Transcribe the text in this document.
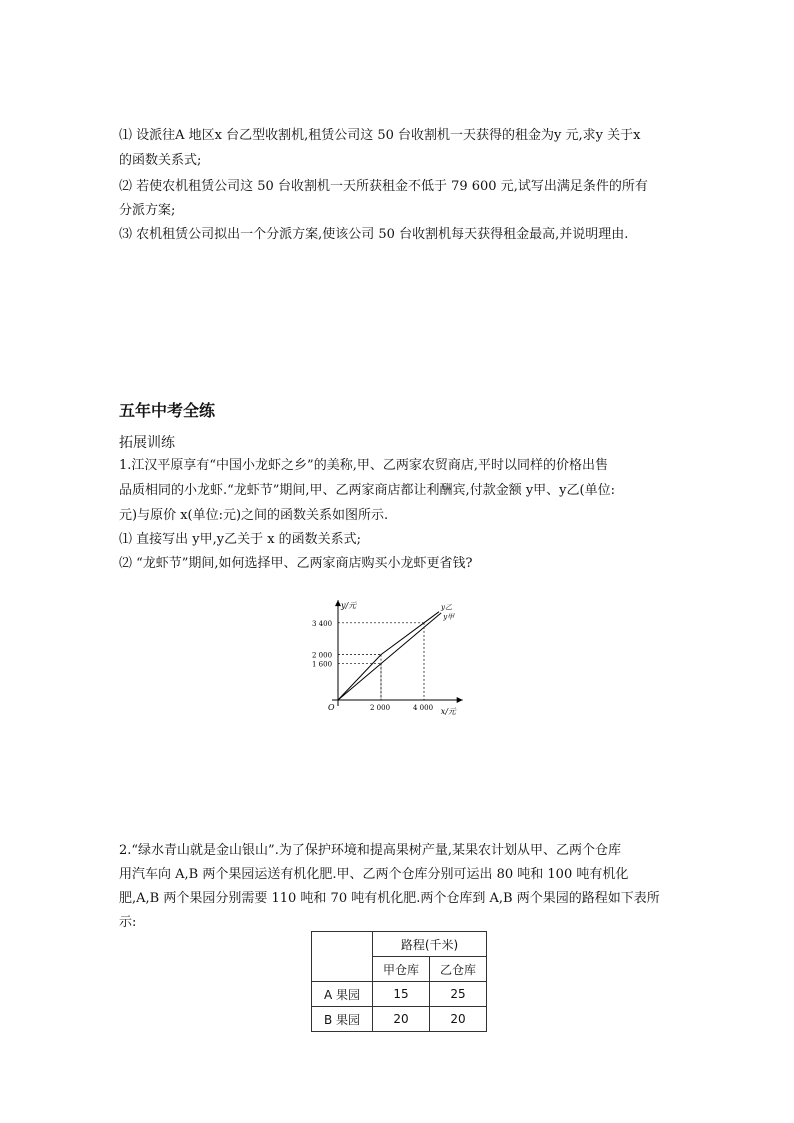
⑴ 设派往A 地区x 台乙型收割机,租赁公司这 50 台收割机一天获得的租金为y 元,求y 关于x
的函数关系式;
⑵ 若使农机租赁公司这 50 台收割机一天所获租金不低于 79 600 元,试写出满足条件的所有
分派方案;
⑶ 农机租赁公司拟出一个分派方案,使该公司 50 台收割机每天获得租金最高,并说明理由.
五年中考全练
拓展训练
1.江汉平原享有“中国小龙虾之乡”的美称,甲、乙两家农贸商店,平时以同样的价格出售
品质相同的小龙虾.“龙虾节”期间,甲、乙两家商店都让利酬宾,付款金额 y甲、y乙(单位:
元)与原价 x(单位:元)之间的函数关系如图所示.
⑴ 直接写出 y甲,y乙关于 x 的函数关系式;
⑵ “龙虾节”期间,如何选择甲、乙两家商店购买小龙虾更省钱?
x/元
y/元
O	2 000	4 000
3 400
2 000
1 600
y乙
y甲
2.“绿水青山就是金山银山”.为了保护环境和提高果树产量,某果农计划从甲、乙两个仓库
用汽车向 A,B 两个果园运送有机化肥.甲、乙两个仓库分别可运出 80 吨和 100 吨有机化
肥,A,B 两个果园分别需要 110 吨和 70 吨有机化肥.两个仓库到 A,B 两个果园的路程如下表所
示:
	路程(千米)	
	甲仓库	乙仓库
A 果园	15	25
B 果园	20	20
